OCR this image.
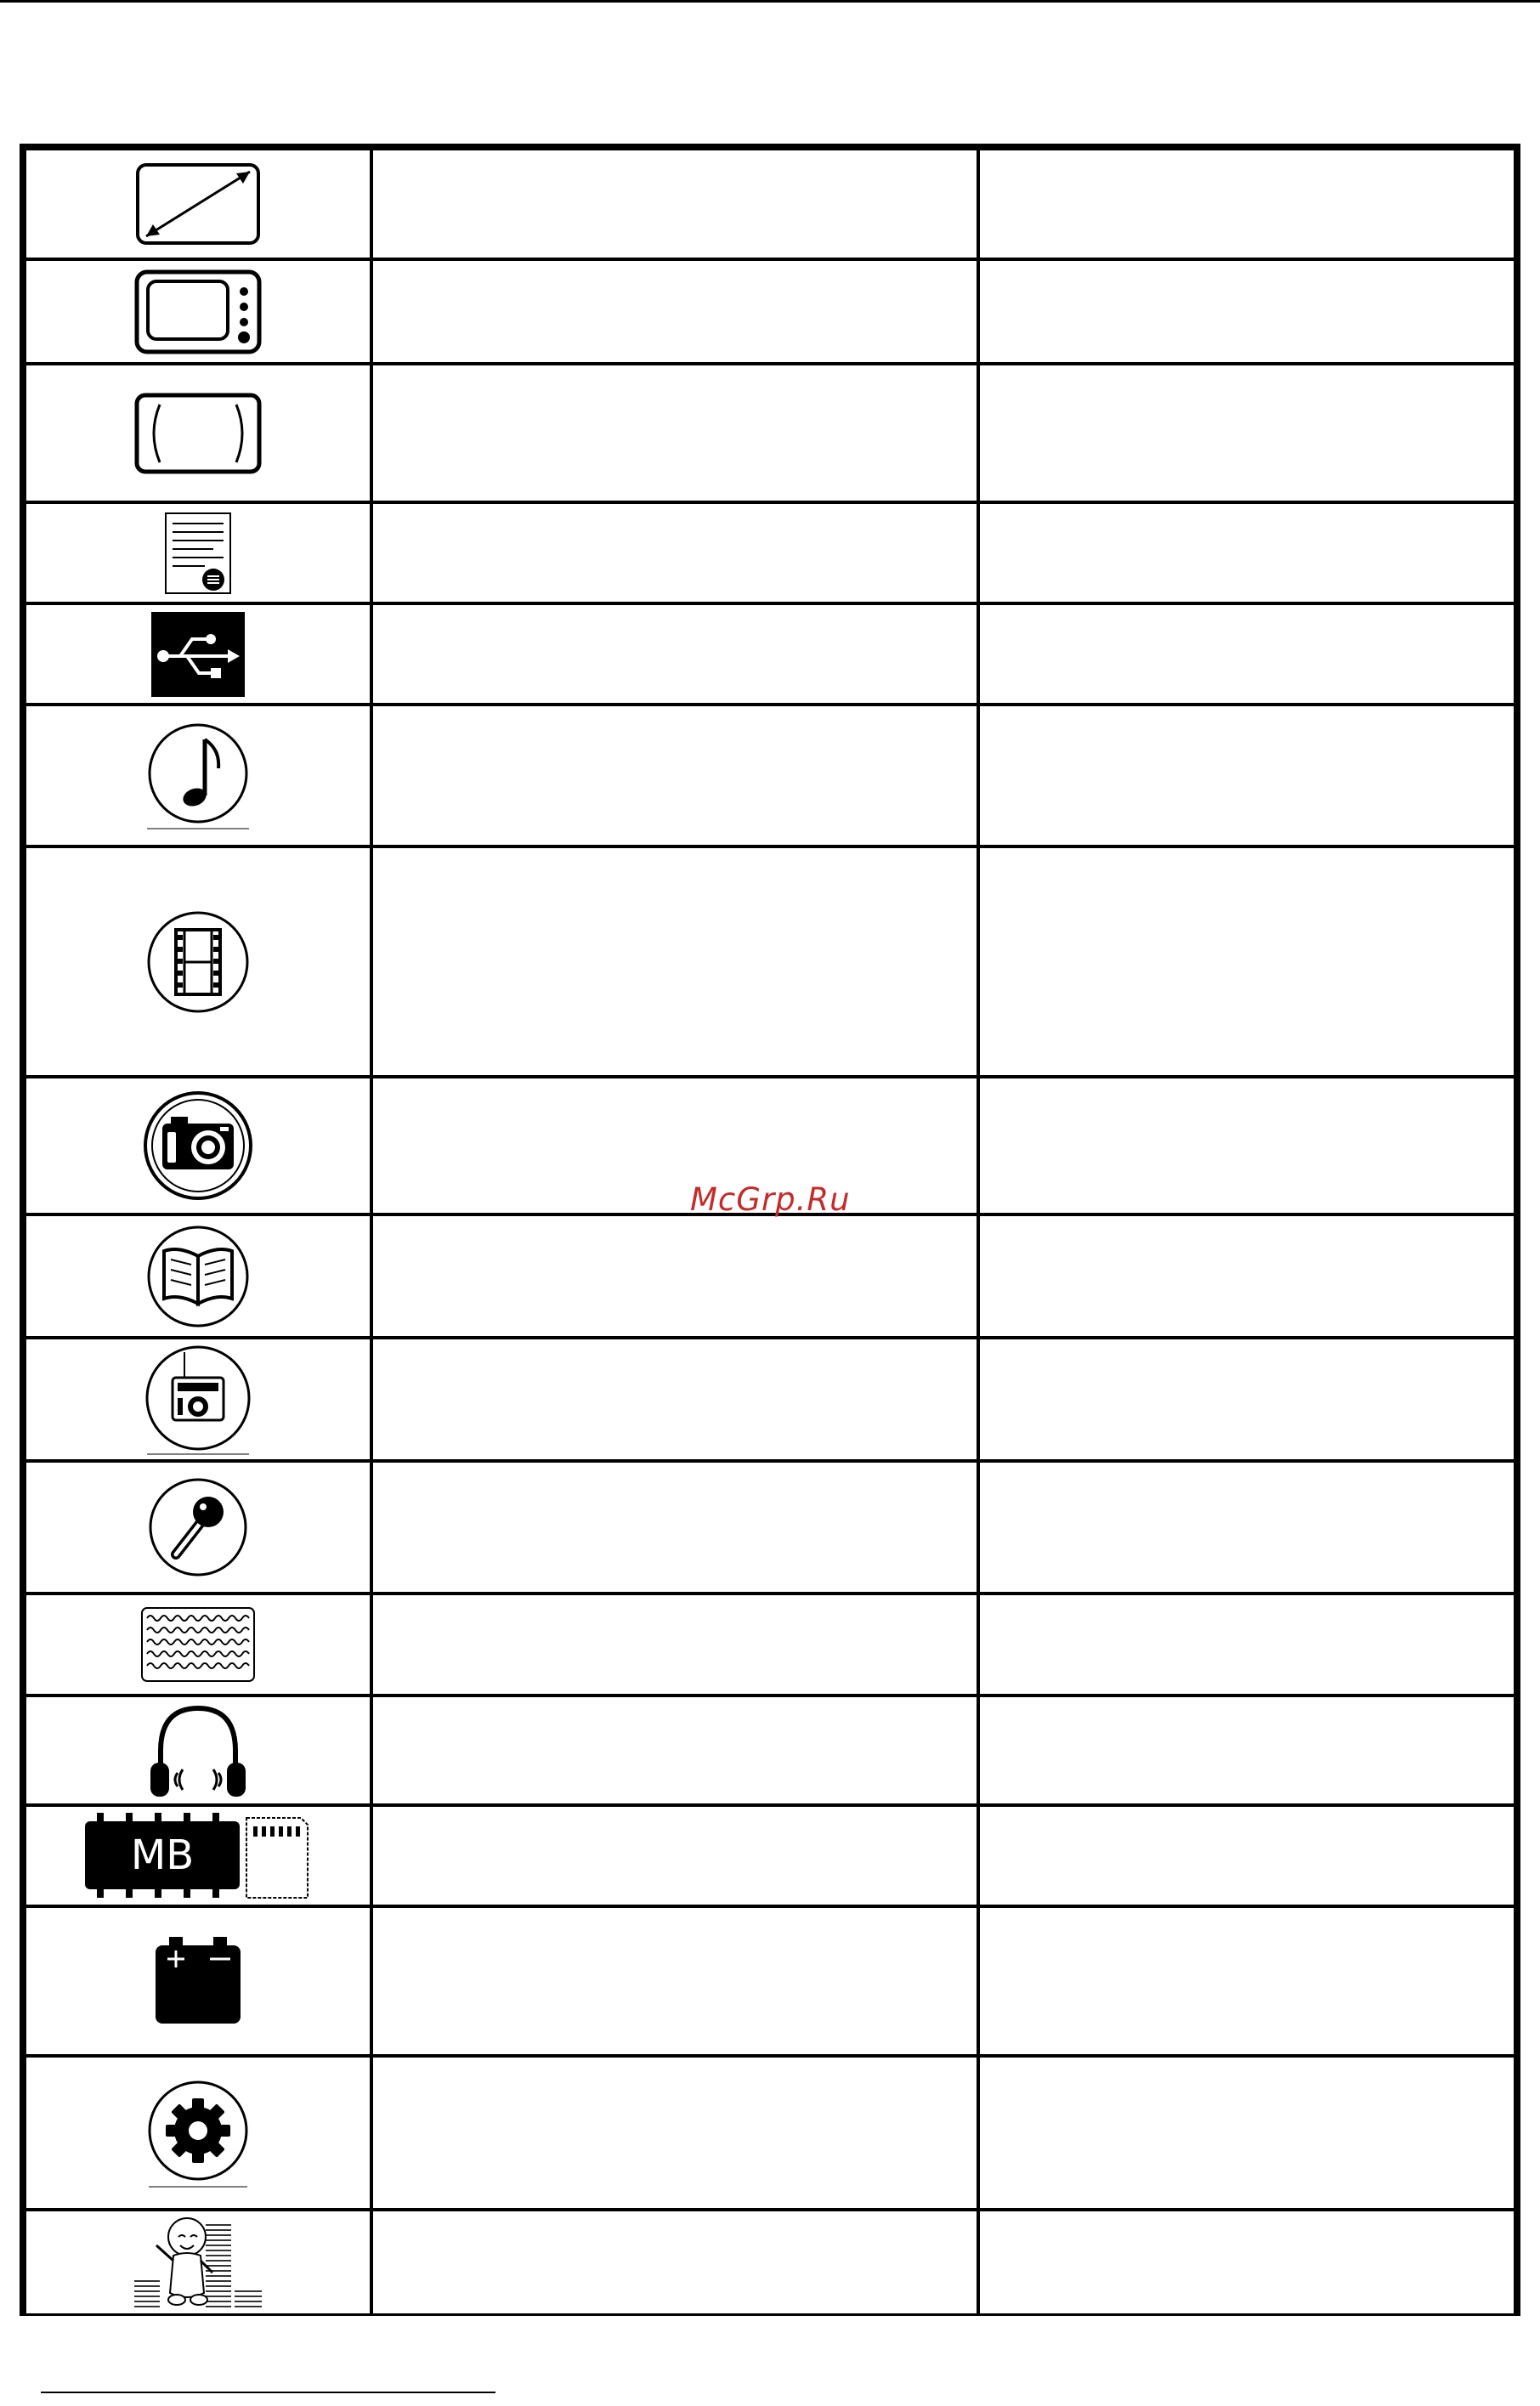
MB
McGrp.Ru
